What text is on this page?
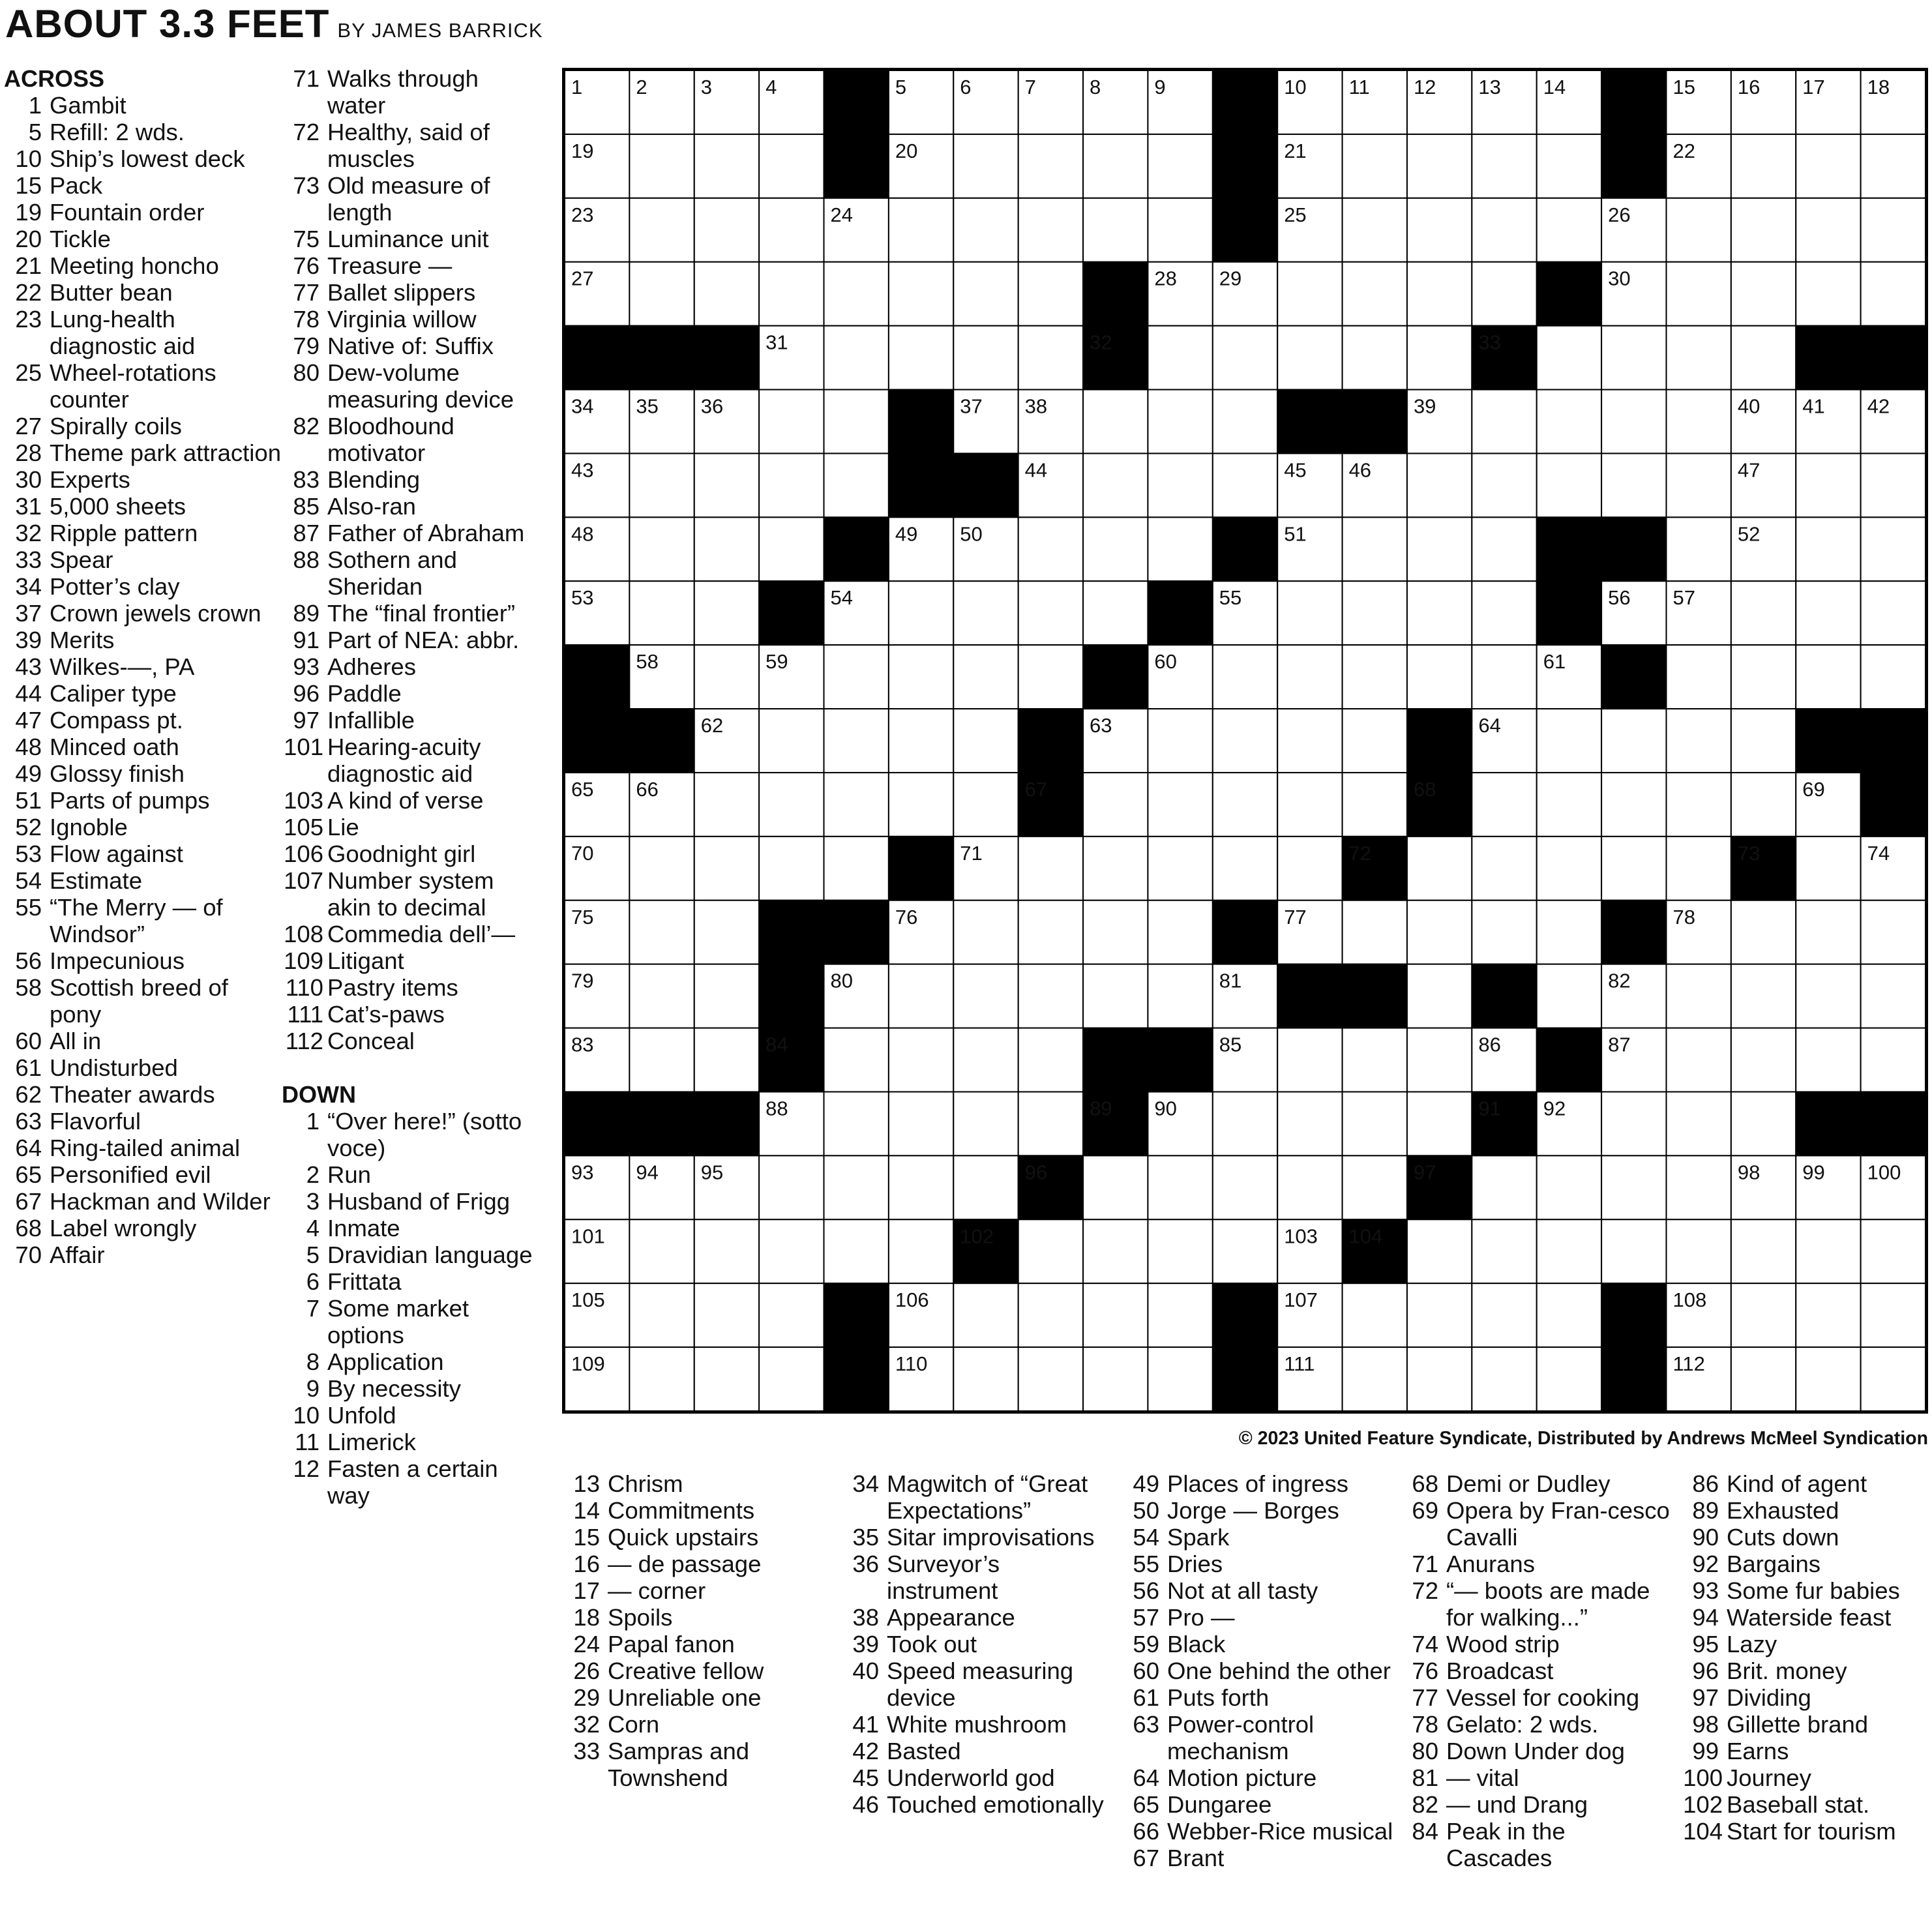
ABOUT 3.3 FEET BY JAMES BARRICK
ACROSS
1 Gambit
5 Refill: 2 wds.
10 Ship’s lowest deck
15 Pack
19 Fountain order
20 Tickle
21 Meeting honcho
22 Butter bean
23 Lung-health diagnostic aid
25 Wheel-rotations counter
27 Spirally coils
28 Theme park attraction
30 Experts
31 5,000 sheets
32 Ripple pattern
33 Spear
34 Potter’s clay
37 Crown jewels crown
39 Merits
43 Wilkes-—, PA
44 Caliper type
47 Compass pt.
48 Minced oath
49 Glossy finish
51 Parts of pumps
52 Ignoble
53 Flow against
54 Estimate
55 “The Merry — of Windsor”
56 Impecunious
58 Scottish breed of pony
60 All in
61 Undisturbed
62 Theater awards
63 Flavorful
64 Ring-tailed animal
65 Personified evil
67 Hackman and Wilder
68 Label wrongly
70 Affair
71 Walks through water
72 Healthy, said of muscles
73 Old measure of length
75 Luminance unit
76 Treasure —
77 Ballet slippers
78 Virginia willow
79 Native of: Suffix
80 Dew-volume measuring device
82 Bloodhound motivator
83 Blending
85 Also-ran
87 Father of Abraham
88 Sothern and Sheridan
89 The “final frontier”
91 Part of NEA: abbr.
93 Adheres
96 Paddle
97 Infallible
101 Hearing-acuity diagnostic aid
103 A kind of verse
105 Lie
106 Goodnight girl
107 Number system akin to decimal
108 Commedia dell’—
109 Litigant
110 Pastry items
111 Cat’s-paws
112 Conceal
DOWN
1 “Over here!” (sotto voce)
2 Run
3 Husband of Frigg
4 Inmate
5 Dravidian language
6 Frittata
7 Some market options
8 Application
9 By necessity
10 Unfold
11 Limerick
12 Fasten a certain way	13 Chrism
14 Commitments
15 Quick upstairs
16 — de passage
17 — corner
18 Spoils
24 Papal fanon
26 Creative fellow
29 Unreliable one
32 Corn
33 Sampras and Townshend
34 Magwitch of “Great Expectations”
35 Sitar improvisations
36 Surveyor’s instrument
38 Appearance
39 Took out
40 Speed measuring device
41 White mushroom
42 Basted
45 Underworld god
46 Touched emotionally
49 Places of ingress
50 Jorge — Borges
54 Spark
55 Dries
56 Not at all tasty
57 Pro —
59 Black
60 One behind the other
61 Puts forth
63 Power-control mechanism
64 Motion picture
65 Dungaree
66 Webber-Rice musical
67 Brant
68 Demi or Dudley
69 Opera by Fran-cesco Cavalli
71 Anurans
72 “— boots are made for walking...”
74 Wood strip
76 Broadcast
77 Vessel for cooking
78 Gelato: 2 wds.
80 Down Under dog
81 — vital
82 — und Drang
84 Peak in the Cascades
86 Kind of agent
89 Exhausted
90 Cuts down
92 Bargains
93 Some fur babies
94 Waterside feast
95 Lazy
96 Brit. money
97 Dividing
98 Gillette brand
99 Earns
100 Journey
102 Baseball stat.
104 Start for tourism
1	2	3	4	5	6	7	8	9	10 11 12 13 14	15 16 17 18
19	20	21	22
23	24	25	26
27	28 29	30
31	32	33
34 35 36	37 38	39	40 41 42
43	44	45 46	47
48	49 50	51	52
53	54	55	56 57
58	59	60	61
62	63	64
65 66	67	68	69
70	71	72	73	74
75	76	77	78
79	80	81	82
83	84	85	86	87
88	89 90	91 92
93 94 95	96	97	98 99 100
101	102	103 104
105	106	107	108
109	110	111	112
© 2023 United Feature Syndicate, Distributed by Andrews McMeel Syndication
